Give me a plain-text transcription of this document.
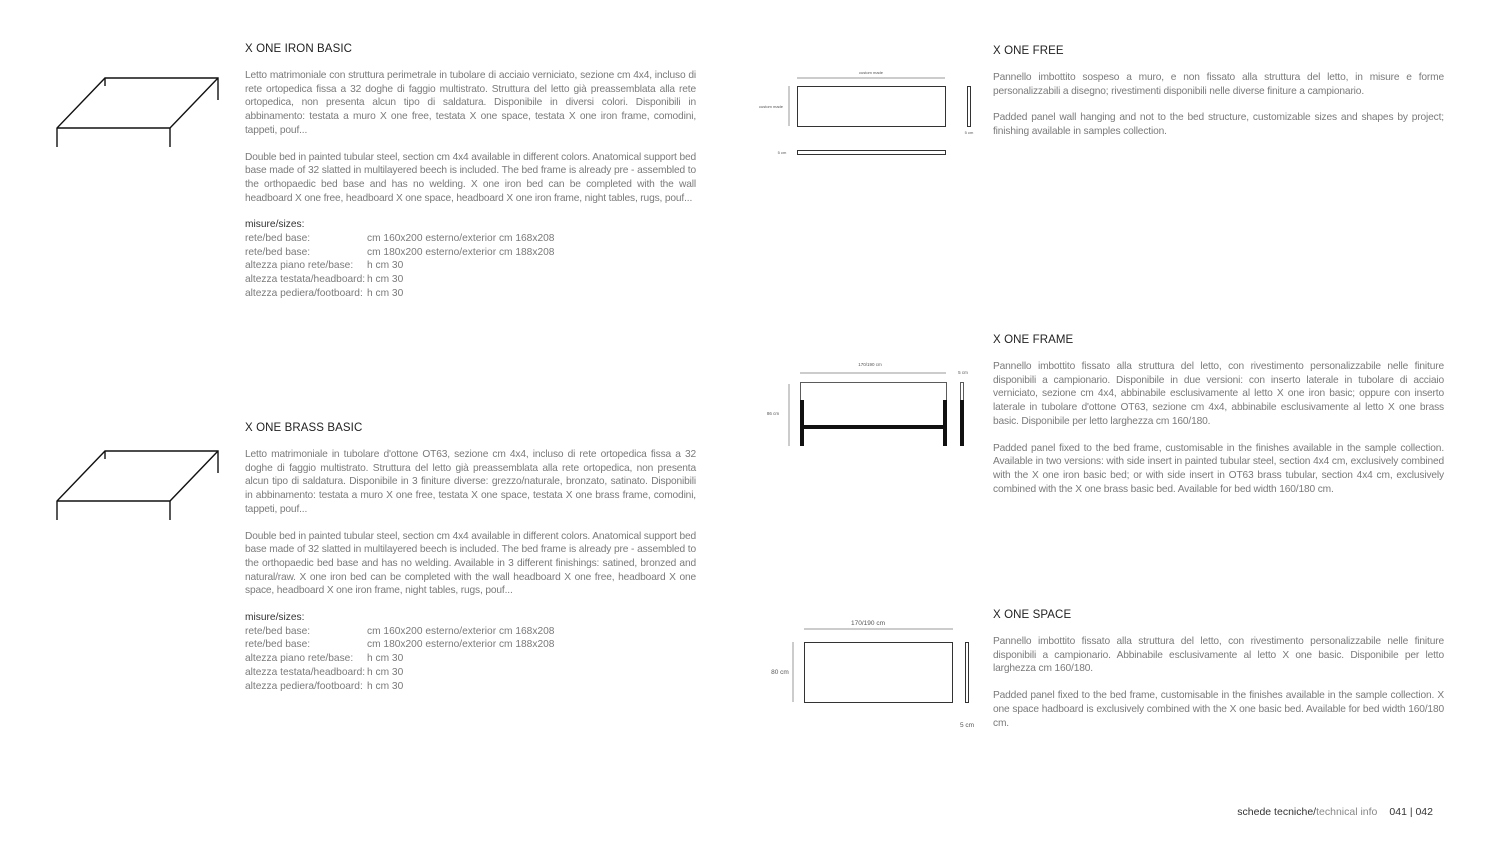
X ONE IRON BASIC

Letto matrimoniale con struttura perimetrale in tubolare di acciaio verniciato, sezione cm 4x4, incluso di rete ortopedica fissa a 32 doghe di faggio multistrato. Struttura del letto già preassemblata alla rete ortopedica, non presenta alcun tipo di saldatura. Disponibile in diversi colori. Disponibili in abbinamento: testata a muro X one free, testata X one space, testata X one iron frame, comodini, tappeti, pouf...

Double bed in painted tubular steel, section cm 4x4 available in different colors. Anatomical support bed base made of 32 slatted in multilayered beech is included. The bed frame is already pre - assembled to the orthopaedic bed base and has no welding. X one iron bed can be completed with the wall headboard X one free, headboard X one space, headboard X one iron frame, night tables, rugs, pouf...

misure/sizes:
rete/bed base:	cm 160x200 esterno/exterior cm 168x208
rete/bed base:	cm 180x200 esterno/exterior cm 188x208
altezza piano rete/base:	h cm 30
altezza testata/headboard: h cm 30
altezza pediera/footboard: h cm 30
X ONE BRASS BASIC

Letto matrimoniale in tubolare d'ottone OT63, sezione cm 4x4, incluso di rete ortopedica fissa a 32 doghe di faggio multistrato. Struttura del letto già preassemblata alla rete ortopedica, non presenta alcun tipo di saldatura. Disponibile in 3 finiture diverse: grezzo/naturale, bronzato, satinato. Disponibili in abbinamento: testata a muro X one free, testata X one space, testata X one brass frame, comodini, tappeti, pouf...

Double bed in painted tubular steel, section cm 4x4 available in different colors. Anatomical support bed base made of 32 slatted in multilayered beech is included. The bed frame is already pre - assembled to the orthopaedic bed base and has no welding. Available in 3 different finishings: satined, bronzed and natural/raw. X one iron bed can be completed with the wall headboard X one free, headboard X one space, headboard X one iron frame, night tables, rugs, pouf...

misure/sizes:
rete/bed base:	cm 160x200 esterno/exterior cm 168x208
rete/bed base:	cm 180x200 esterno/exterior cm 188x208
altezza piano rete/base:	h cm 30
altezza testata/headboard: h cm 30
altezza pediera/footboard: h cm 30
custom made
custom made
5 cm
5 cm
X ONE FREE

Pannello imbottito sospeso a muro, e non fissato alla struttura del letto, in misure e forme personalizzabili a disegno; rivestimenti disponibili nelle diverse finiture a campionario.

Padded panel wall hanging and not to the bed structure, customizable sizes and shapes by project; finishing available in samples collection.

170/190 cm
86 cm
5 cm
X ONE FRAME

Pannello imbottito fissato alla struttura del letto, con rivestimento personalizzabile nelle finiture disponibili a campionario. Disponibile in due versioni: con inserto laterale in tubolare di acciaio verniciato, sezione cm 4x4, abbinabile esclusivamente al letto X one iron basic; oppure con inserto laterale in tubolare d'ottone OT63, sezione cm 4x4, abbinabile esclusivamente al letto X one brass basic. Disponibile per letto larghezza cm 160/180.

Padded panel fixed to the bed frame, customisable in the finishes available in the sample collection. Available in two versions: with side insert in painted tubular steel, section 4x4 cm, exclusively combined with the X one iron basic bed; or with side insert in OT63 brass tubular, section 4x4 cm, exclusively combined with the X one brass basic bed. Available for bed width 160/180 cm.

170/190 cm
80 cm
5 cm
X ONE SPACE

Pannello imbottito fissato alla struttura del letto, con rivestimento personalizzabile nelle finiture disponibili a campionario. Abbinabile esclusivamente al letto X one basic. Disponibile per letto larghezza cm 160/180.

Padded panel fixed to the bed frame, customisable in the finishes available in the sample collection. X one space hadboard is exclusively combined with the X one basic bed. Available for bed width 160/180 cm.

schede tecniche/technical info 041 | 042
